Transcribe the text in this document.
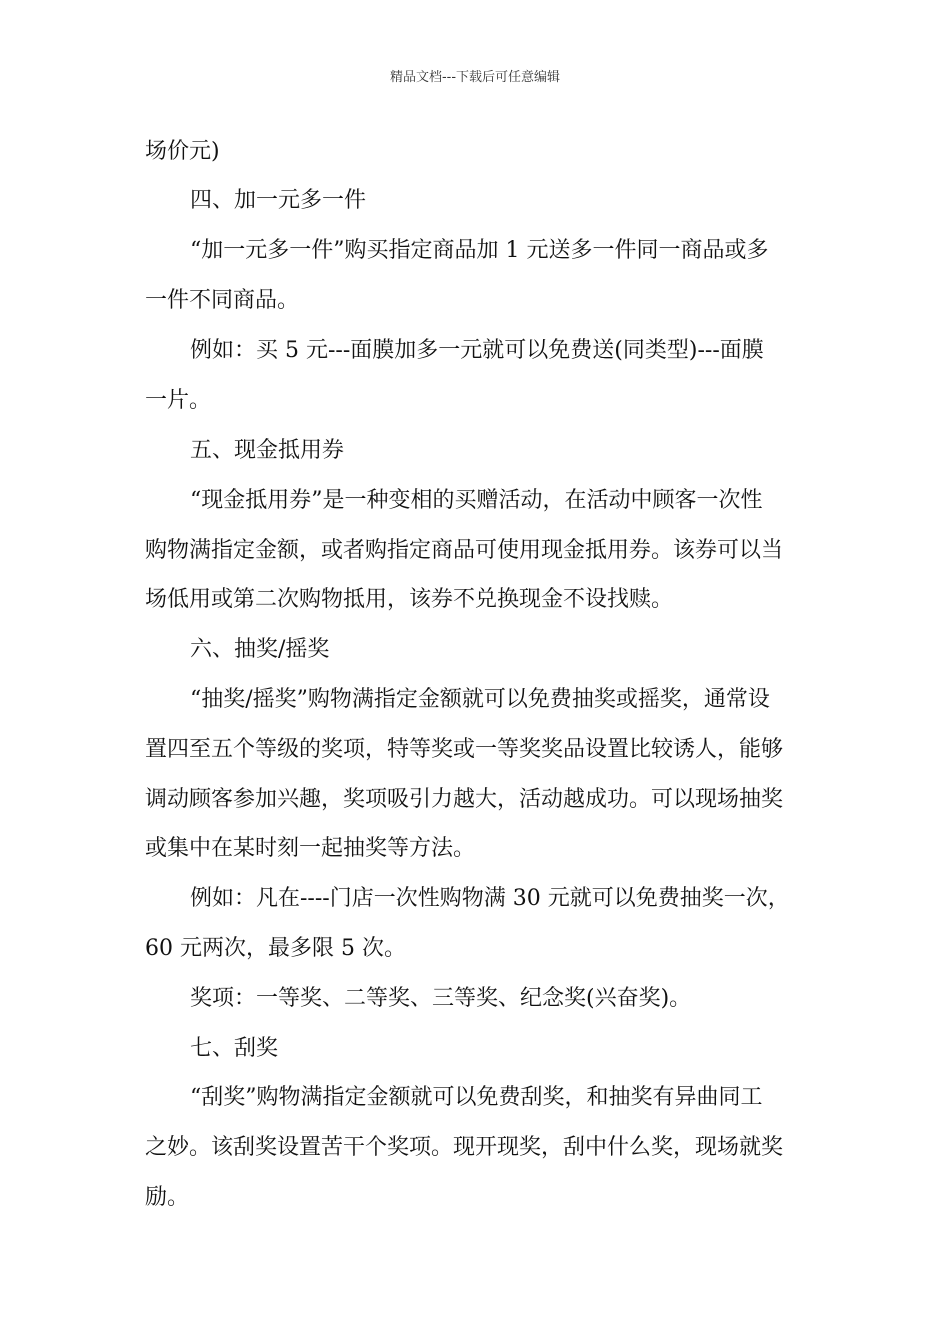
精品文档---下载后可任意编辑
场价元)
四、加一元多一件
“加一元多一件”购买指定商品加 1 元送多一件同一商品或多
一件不同商品。
例如：买 5 元---面膜加多一元就可以免费送(同类型)---面膜
一片。
五、现金抵用券
“现金抵用券”是一种变相的买赠活动，在活动中顾客一次性
购物满指定金额，或者购指定商品可使用现金抵用券。该券可以当
场低用或第二次购物抵用，该券不兑换现金不设找赎。
六、抽奖/摇奖
“抽奖/摇奖”购物满指定金额就可以免费抽奖或摇奖，通常设
置四至五个等级的奖项，特等奖或一等奖奖品设置比较诱人，能够
调动顾客参加兴趣，奖项吸引力越大，活动越成功。可以现场抽奖
或集中在某时刻一起抽奖等方法。
例如：凡在----门店一次性购物满 30 元就可以免费抽奖一次，
60 元两次，最多限 5 次。
奖项：一等奖、二等奖、三等奖、纪念奖(兴奋奖)。
七、刮奖
“刮奖”购物满指定金额就可以免费刮奖，和抽奖有异曲同工
之妙。该刮奖设置苦干个奖项。现开现奖，刮中什么奖，现场就奖
励。
